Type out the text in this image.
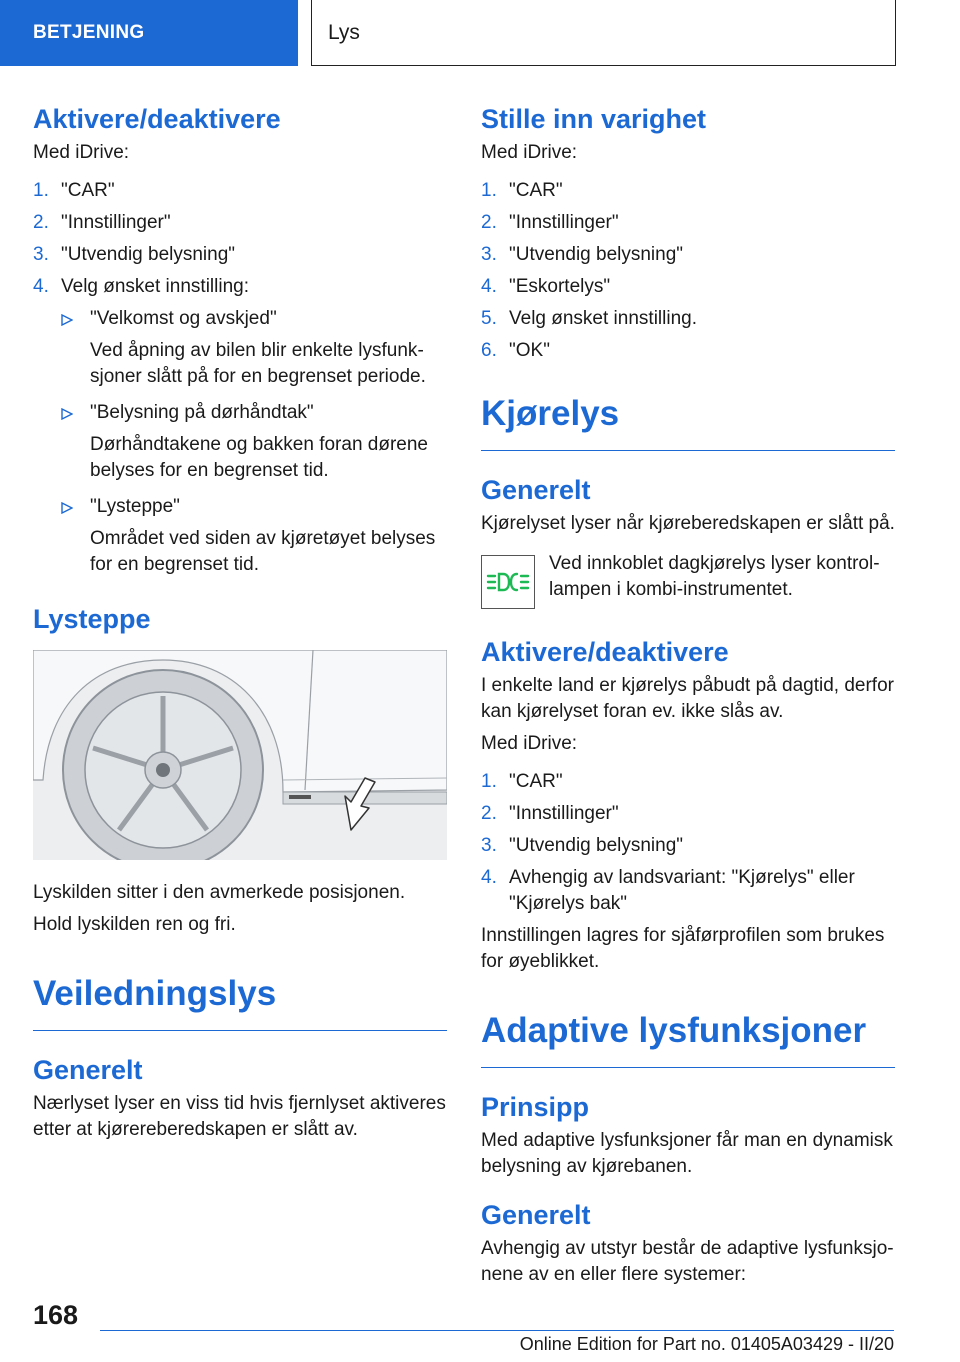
BETJENING	Lys
Aktivere/deaktivere

Med iDrive:

1. "CAR"
2. "Innstillinger"
3. "Utvendig belysning"
4. Velg ønsket innstilling:
"Velkomst og avskjed"
Ved åpning av bilen blir enkelte lysfunksjoner slått på for en begrenset periode.
"Belysning på dørhåndtak"
Dørhåndtakene og bakken foran dørene belyses for en begrenset tid.
"Lysteppe"
Området ved siden av kjøretøyet belyses for en begrenset tid.
Lysteppe

Lyskilden sitter i den avmerkede posisjonen.

Hold lyskilden ren og fri.

Veiledningslys
Generelt

Nærlyset lyser en viss tid hvis fjernlyset aktiveres etter at kjørereberedskapen er slått av.

Stille inn varighet

Med iDrive:

1. "CAR"
2. "Innstillinger"
3. "Utvendig belysning"
4. "Eskortelys"
5. Velg ønsket innstilling.
6. "OK"
Kjørelys
Generelt

Kjørelyset lyser når kjøreberedskapen er slått på.

Ved innkoblet dagkjørelys lyser kontrollampen i kombi-instrumentet.

Aktivere/deaktivere

I enkelte land er kjørelys påbudt på dagtid, derfor kan kjørelyset foran ev. ikke slås av.

Med iDrive:

1. "CAR"
2. "Innstillinger"
3. "Utvendig belysning"
4. Avhengig av landsvariant: "Kjørelys" eller "Kjørelys bak"

Innstillingen lagres for sjåførprofilen som brukes for øyeblikket.

Adaptive lysfunksjoner
Prinsipp

Med adaptive lysfunksjoner får man en dynamisk belysning av kjørebanen.

Generelt

Avhengig av utstyr består de adaptive lysfunksjonene av en eller flere systemer:

168
Online Edition for Part no. 01405A03429 - II/20
